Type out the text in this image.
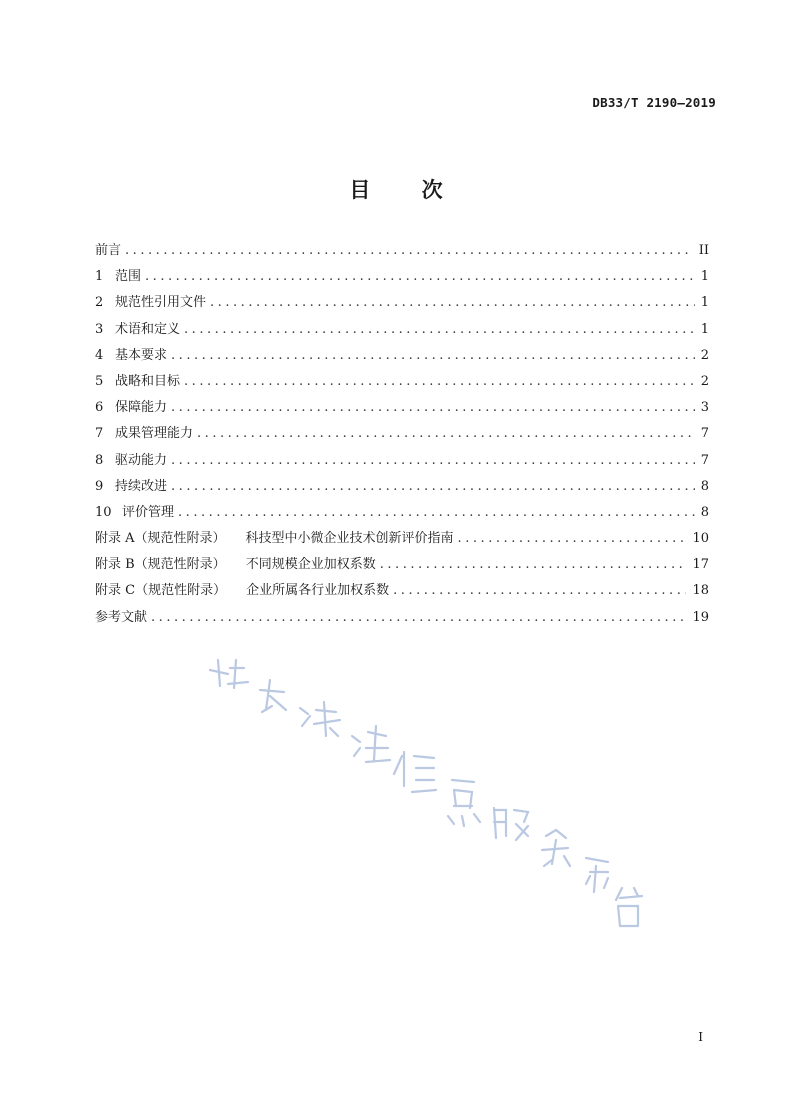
DB33/T 2190—2019
目 次
前言 . . .	II
1 范围 . . .	1
2 规范性引用文件 . . .	1
3 术语和定义 . . .	1
4 基本要求 . . .	2
5 战略和目标 . . .	2
6 保障能力 . . .	3
7 成果管理能力 . . .	7
8 驱动能力 . . .	7
9 持续改进 . . .	8
10 评价管理 . . .	8
附录 A（规范性附录） 科技型中小微企业技术创新评价指南 . . .	10
附录 B（规范性附录） 不同规模企业加权系数 . . .	17
附录 C（规范性附录） 企业所属各行业加权系数 . . .	18
参考文献 . . .	19
I
